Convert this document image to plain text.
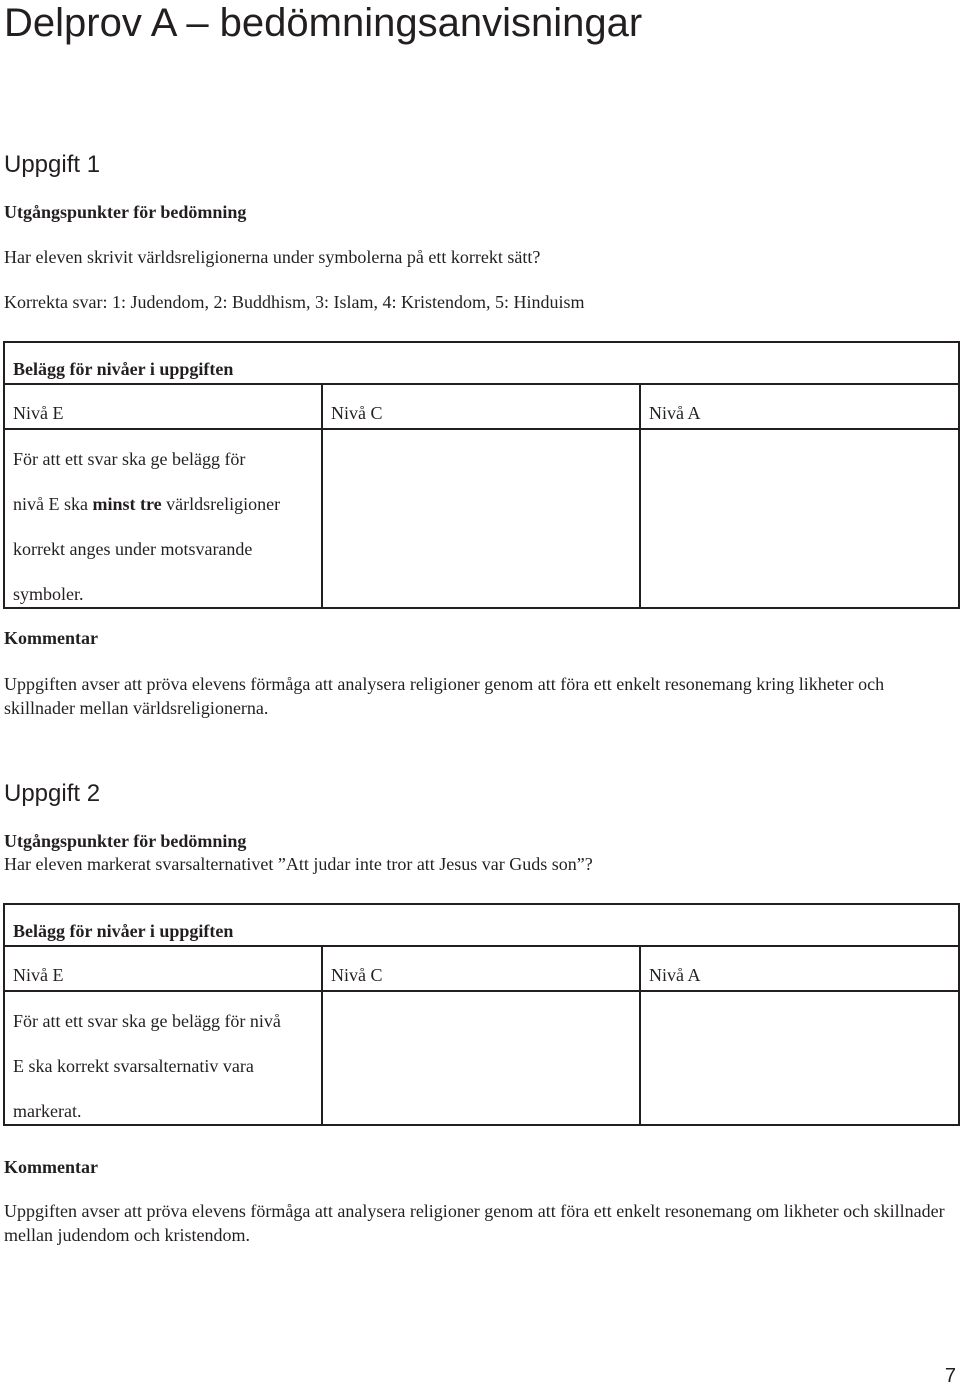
Delprov A – bedömningsanvisningar
Uppgift 1
Utgångspunkter för bedömning
Har eleven skrivit världsreligionerna under symbolerna på ett korrekt sätt?
Korrekta svar: 1: Judendom, 2: Buddhism, 3: Islam, 4: Kristendom, 5: Hinduism
Belägg för nivåer i uppgiften		
Nivå E	Nivå C	Nivå A

För att ett svar ska ge belägg för
nivå E ska minst tre världsreligioner
korrekt anges under motsvarande
symboler.		

Kommentar
Uppgiften avser att pröva elevens förmåga att analysera religioner genom att föra ett enkelt resonemang kring likheter och skillnader mellan världsreligionerna.
Uppgift 2
Utgångspunkter för bedömning
Har eleven markerat svarsalternativet ”Att judar inte tror att Jesus var Guds son”?
Belägg för nivåer i uppgiften		
Nivå E	Nivå C	Nivå A

För att ett svar ska ge belägg för nivå
E ska korrekt svarsalternativ vara
markerat.		

Kommentar
Uppgiften avser att pröva elevens förmåga att analysera religioner genom att föra ett enkelt resonemang om likheter och skillnader mellan judendom och kristendom.
7
